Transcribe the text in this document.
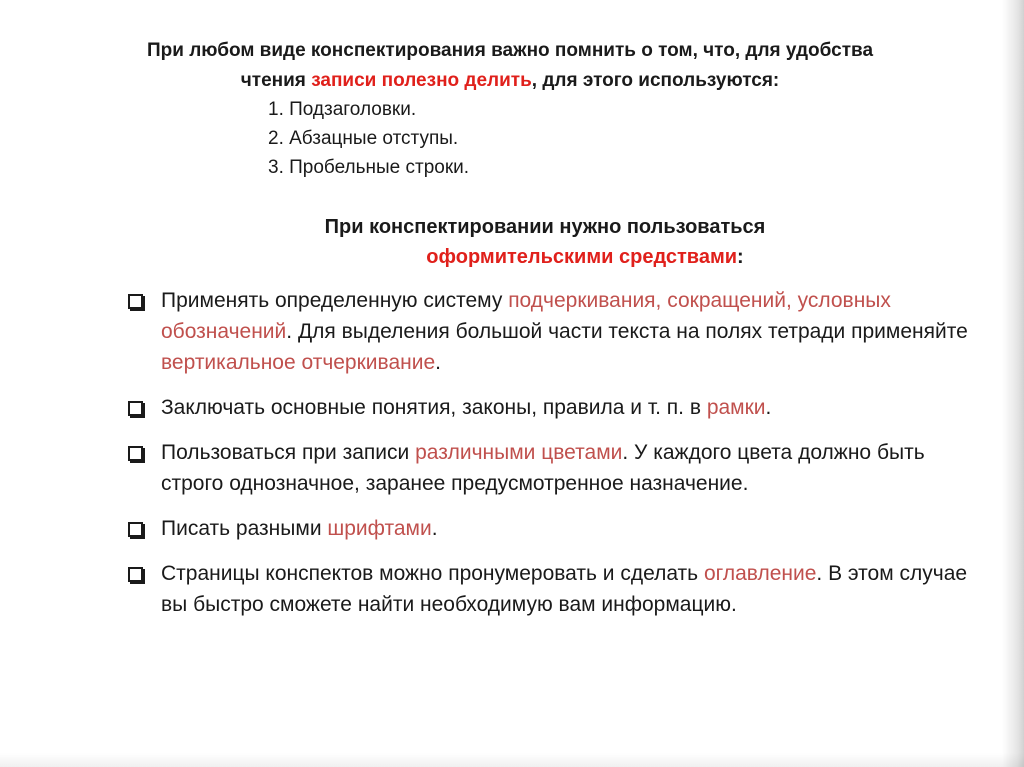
При любом виде конспектирования важно помнить о том, что, для удобства
чтения записи полезно делить, для этого используются:
1. Подзаголовки.
2. Абзацные отступы.
3. Пробельные строки.
При конспектировании нужно пользоваться
оформительскими средствами:
Применять определенную систему подчеркивания, сокращений, условных обозначений. Для выделения большой части текста на полях тетради применяйте вертикальное отчеркивание.
Заключать основные понятия, законы, правила и т. п. в рамки.
Пользоваться при записи различными цветами. У каждого цвета должно быть строго однозначное, заранее предусмотренное назначение.
Писать разными шрифтами.
Страницы конспектов можно пронумеровать и сделать оглавление. В этом случае вы быстро сможете найти необходимую вам информацию.
